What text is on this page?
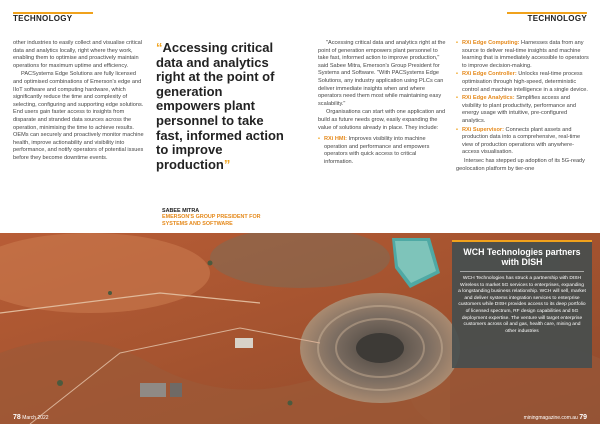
TECHNOLOGY	TECHNOLOGY

other industries to easily collect and visualise critical data and analytics locally, right where they work, enabling them to optimise and proactively maintain operations for maximum uptime and efficiency.

PACSystems Edge Solutions are fully licensed and optimised combinations of Emerson's edge and IIoT software and computing hardware, which significantly reduce the time and complexity of selecting, configuring and supporting edge solutions. End users gain faster access to insights from disparate and stranded data sources across the operation, minimising the time to achieve results. OEMs can securely and proactively monitor machine health, improve actionability and visibility into performance, and notify operators of potential issues before they become downtime events.

“Accessing critical data and analytics right at the point of generation empowers plant personnel to take fast, informed action to improve production”
SABEE MITRA
EMERSON'S GROUP PRESIDENT FOR
SYSTEMS AND SOFTWARE

"Accessing critical data and analytics right at the point of generation empowers plant personnel to take fast, informed action to improve production," said Sabee Mitra, Emerson's Group President for Systems and Software. "With PACSystems Edge Solutions, any industry application using PLCs can deliver immediate insights when and where operators need them most while maintaining easy scalability."

Organisations can start with one application and build as future needs grow, easily expanding the value of solutions already in place. They include:

• RXi HMI: Improves visibility into machine operation and performance and empowers operators with quick access to critical information.
• RXi Edge Computing: Harnesses data from any source to deliver real-time insights and machine learning that is immediately accessible to operators to improve decision-making.
• RXi Edge Controller: Unlocks real-time process optimisation through high-speed, deterministic control and machine intelligence in a single device.
• RXi Edge Analytics: Simplifies access and visibility to plant productivity, performance and energy usage with intuitive, pre-configured analytics.
• RXi Supervisor: Connects plant assets and production data into a comprehensive, real-time view of production operations with anywhere-access visualisation.

Intersec has stepped up adoption of its 5G-ready geolocation platform by tier-one

WCH Technologies partners with DISH
WCH Technologies has struck a partnership with DISH Wireless to market 5G services to enterprises, expanding a longstanding business relationship. WCH will sell, market and deliver systems integration services to enterprise customers while DISH provides access to its deep portfolio of licensed spectrum, RF design capabilities and 5G deployment expertise. The venture will target enterprise customers across oil and gas, health care, mining and other industries
78 March 2022	miningmagazine.com.au 79
